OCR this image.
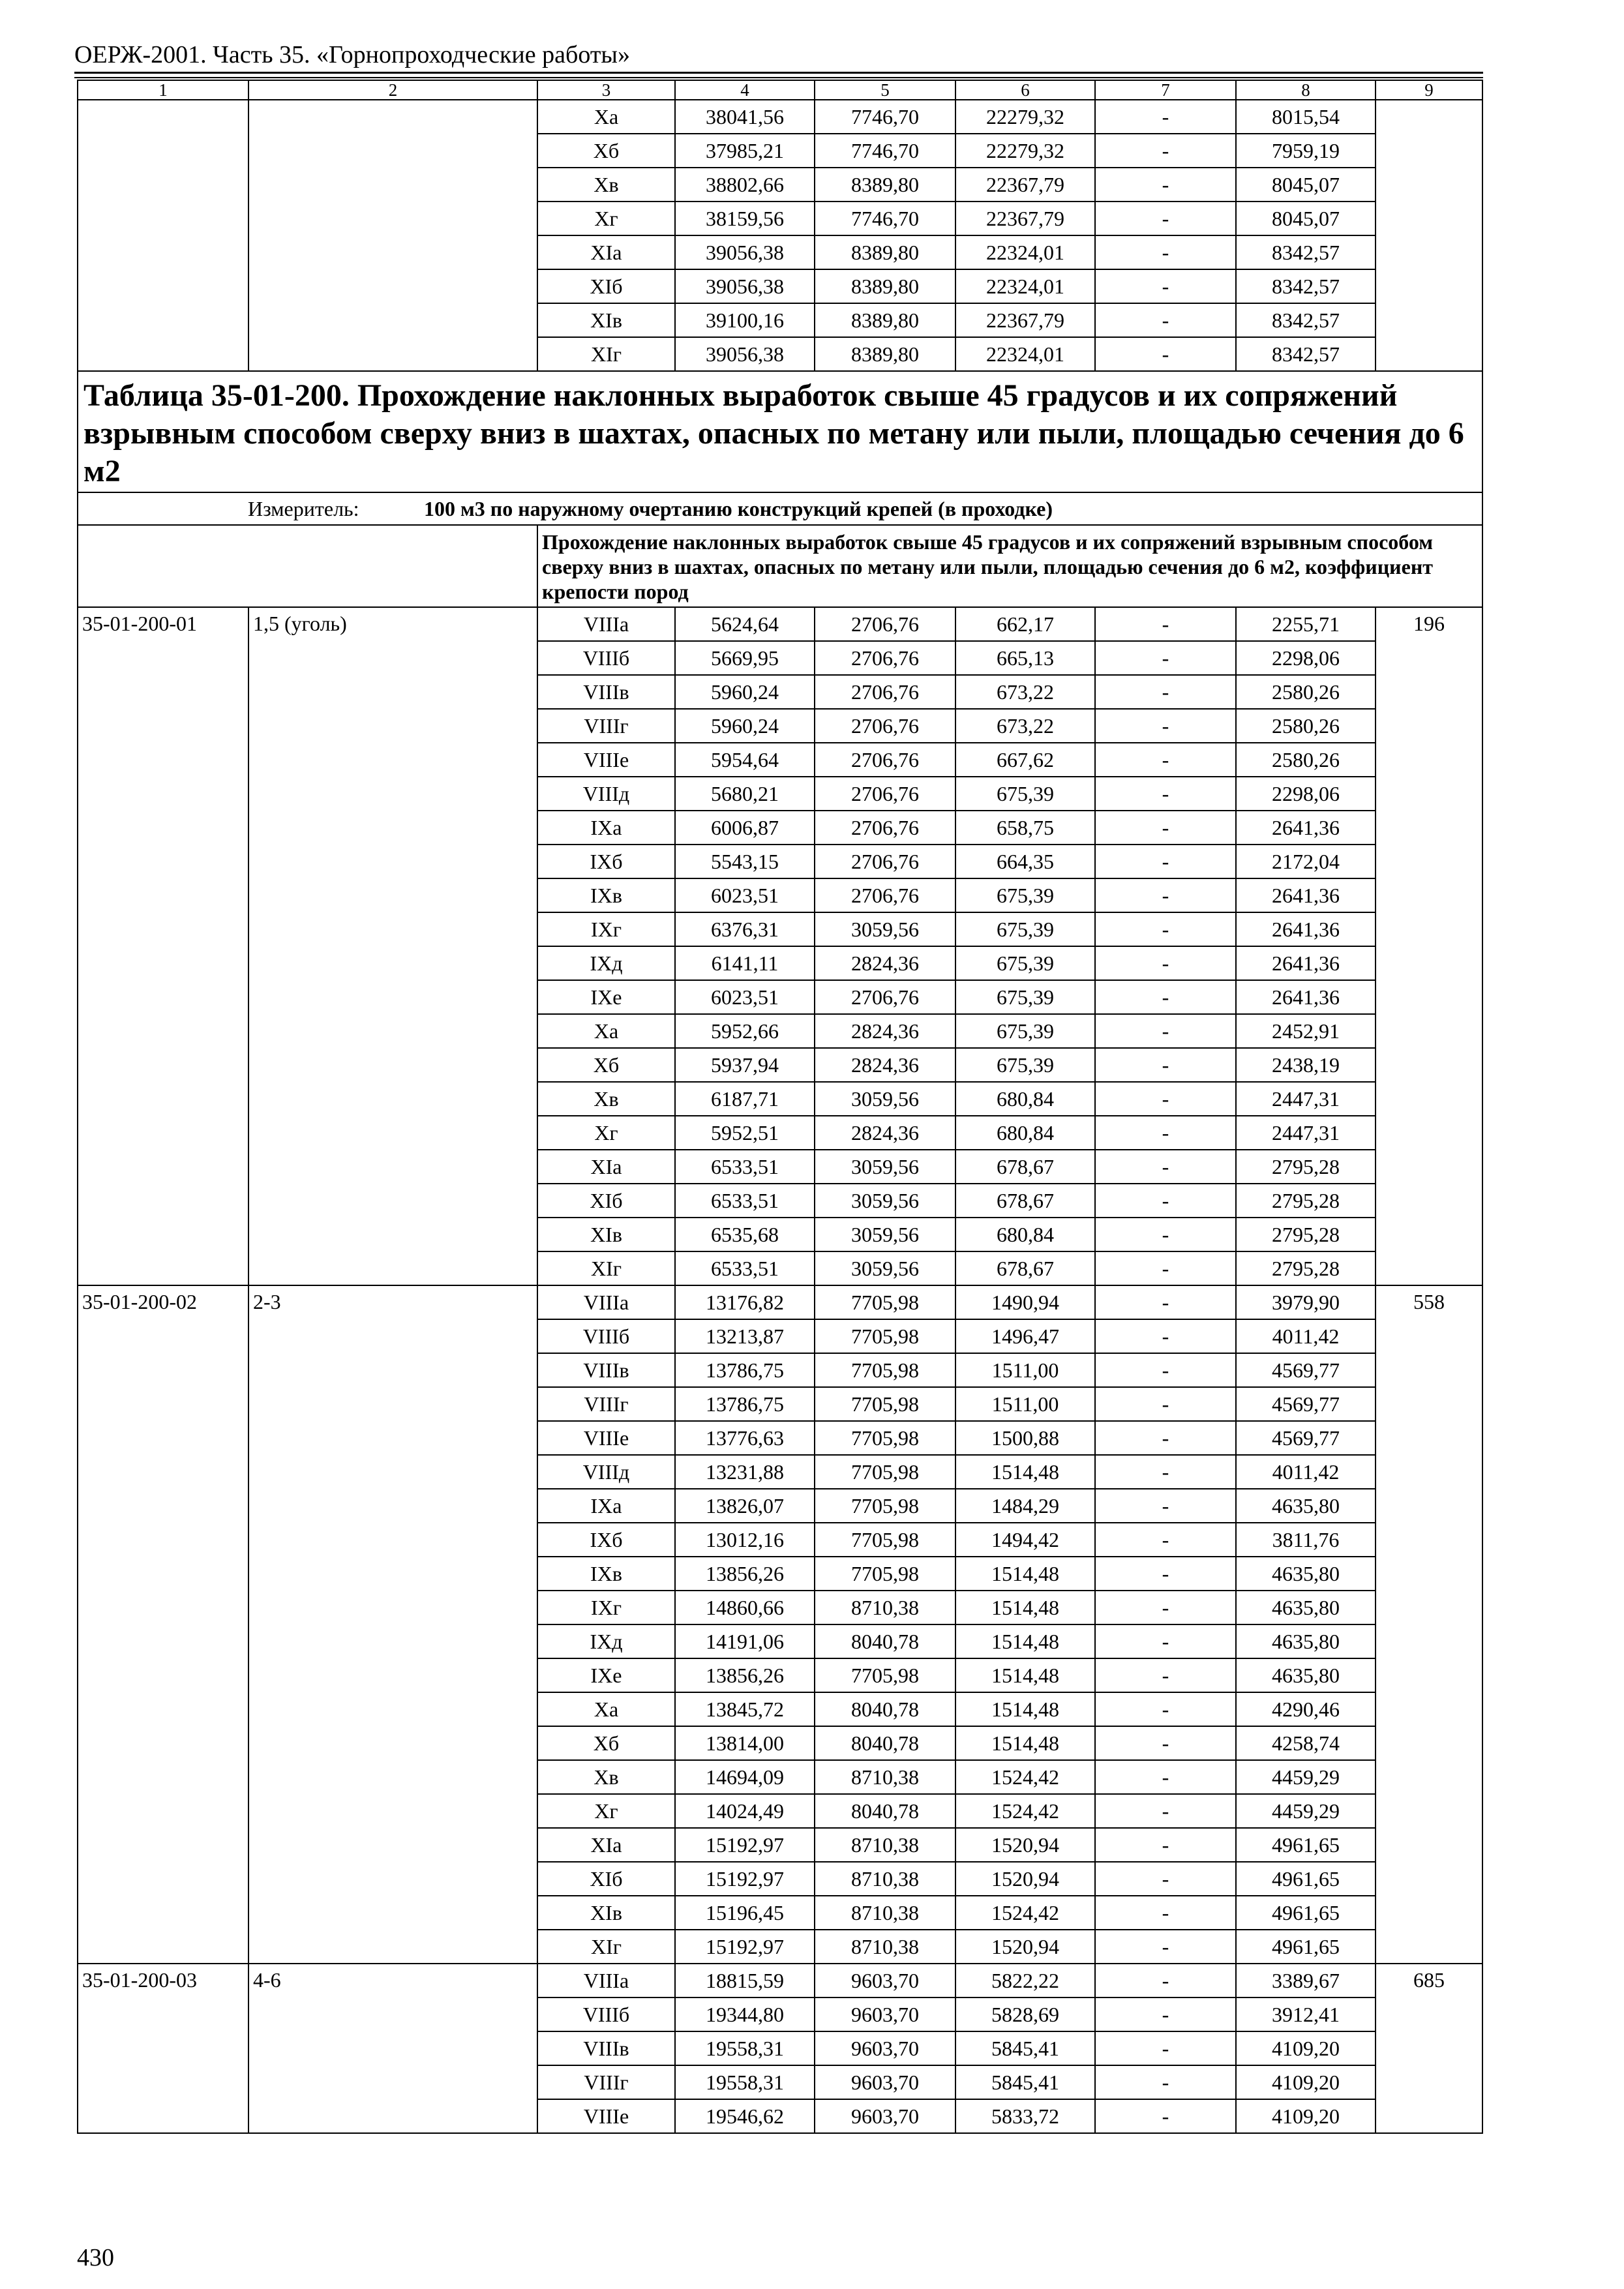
ОЕРЖ-2001. Часть 35. «Горнопроходческие работы»
1	2	3	4	5	6	7	8	9
		Xa	38041,56	7746,70	22279,32	-	8015,54	
		Xб	37985,21	7746,70	22279,32	-	7959,19	
		Xв	38802,66	8389,80	22367,79	-	8045,07	
		Xг	38159,56	7746,70	22367,79	-	8045,07	
		XIa	39056,38	8389,80	22324,01	-	8342,57	
		XIб	39056,38	8389,80	22324,01	-	8342,57	
		XIв	39100,16	8389,80	22367,79	-	8342,57	
		XIг	39056,38	8389,80	22324,01	-	8342,57	
Таблица 35-01-200. Прохождение наклонных выработок свыше 45 градусов и их сопряжений взрывным способом сверху вниз в шахтах, опасных по метану или пыли, площадью сечения до 6 м2								
Измеритель: 100 м3 по наружному очертанию конструкций крепей (в проходке)								
		Прохождение наклонных выработок свыше 45 градусов и их сопряжений взрывным способом сверху вниз в шахтах, опасных по метану или пыли, площадью сечения до 6 м2, коэффициент крепости пород						
35-01-200-01	1,5 (уголь)	VIIIa	5624,64	2706,76	662,17	-	2255,71	196
		VIIIб	5669,95	2706,76	665,13	-	2298,06	
		VIIIв	5960,24	2706,76	673,22	-	2580,26	
		VIIIг	5960,24	2706,76	673,22	-	2580,26	
		VIIIe	5954,64	2706,76	667,62	-	2580,26	
		VIIIд	5680,21	2706,76	675,39	-	2298,06	
		IXa	6006,87	2706,76	658,75	-	2641,36	
		IXб	5543,15	2706,76	664,35	-	2172,04	
		IXв	6023,51	2706,76	675,39	-	2641,36	
		IXг	6376,31	3059,56	675,39	-	2641,36	
		IXд	6141,11	2824,36	675,39	-	2641,36	
		IXe	6023,51	2706,76	675,39	-	2641,36	
		Xa	5952,66	2824,36	675,39	-	2452,91	
		Xб	5937,94	2824,36	675,39	-	2438,19	
		Xв	6187,71	3059,56	680,84	-	2447,31	
		Xг	5952,51	2824,36	680,84	-	2447,31	
		XIa	6533,51	3059,56	678,67	-	2795,28	
		XIб	6533,51	3059,56	678,67	-	2795,28	
		XIв	6535,68	3059,56	680,84	-	2795,28	
		XIг	6533,51	3059,56	678,67	-	2795,28	
35-01-200-02	2-3	VIIIa	13176,82	7705,98	1490,94	-	3979,90	558
		VIIIб	13213,87	7705,98	1496,47	-	4011,42	
		VIIIв	13786,75	7705,98	1511,00	-	4569,77	
		VIIIг	13786,75	7705,98	1511,00	-	4569,77	
		VIIIe	13776,63	7705,98	1500,88	-	4569,77	
		VIIIд	13231,88	7705,98	1514,48	-	4011,42	
		IXa	13826,07	7705,98	1484,29	-	4635,80	
		IXб	13012,16	7705,98	1494,42	-	3811,76	
		IXв	13856,26	7705,98	1514,48	-	4635,80	
		IXг	14860,66	8710,38	1514,48	-	4635,80	
		IXд	14191,06	8040,78	1514,48	-	4635,80	
		IXe	13856,26	7705,98	1514,48	-	4635,80	
		Xa	13845,72	8040,78	1514,48	-	4290,46	
		Xб	13814,00	8040,78	1514,48	-	4258,74	
		Xв	14694,09	8710,38	1524,42	-	4459,29	
		Xг	14024,49	8040,78	1524,42	-	4459,29	
		XIa	15192,97	8710,38	1520,94	-	4961,65	
		XIб	15192,97	8710,38	1520,94	-	4961,65	
		XIв	15196,45	8710,38	1524,42	-	4961,65	
		XIг	15192,97	8710,38	1520,94	-	4961,65	
35-01-200-03	4-6	VIIIa	18815,59	9603,70	5822,22	-	3389,67	685
		VIIIб	19344,80	9603,70	5828,69	-	3912,41	
		VIIIв	19558,31	9603,70	5845,41	-	4109,20	
		VIIIг	19558,31	9603,70	5845,41	-	4109,20	
		VIIIe	19546,62	9603,70	5833,72	-	4109,20	
430
